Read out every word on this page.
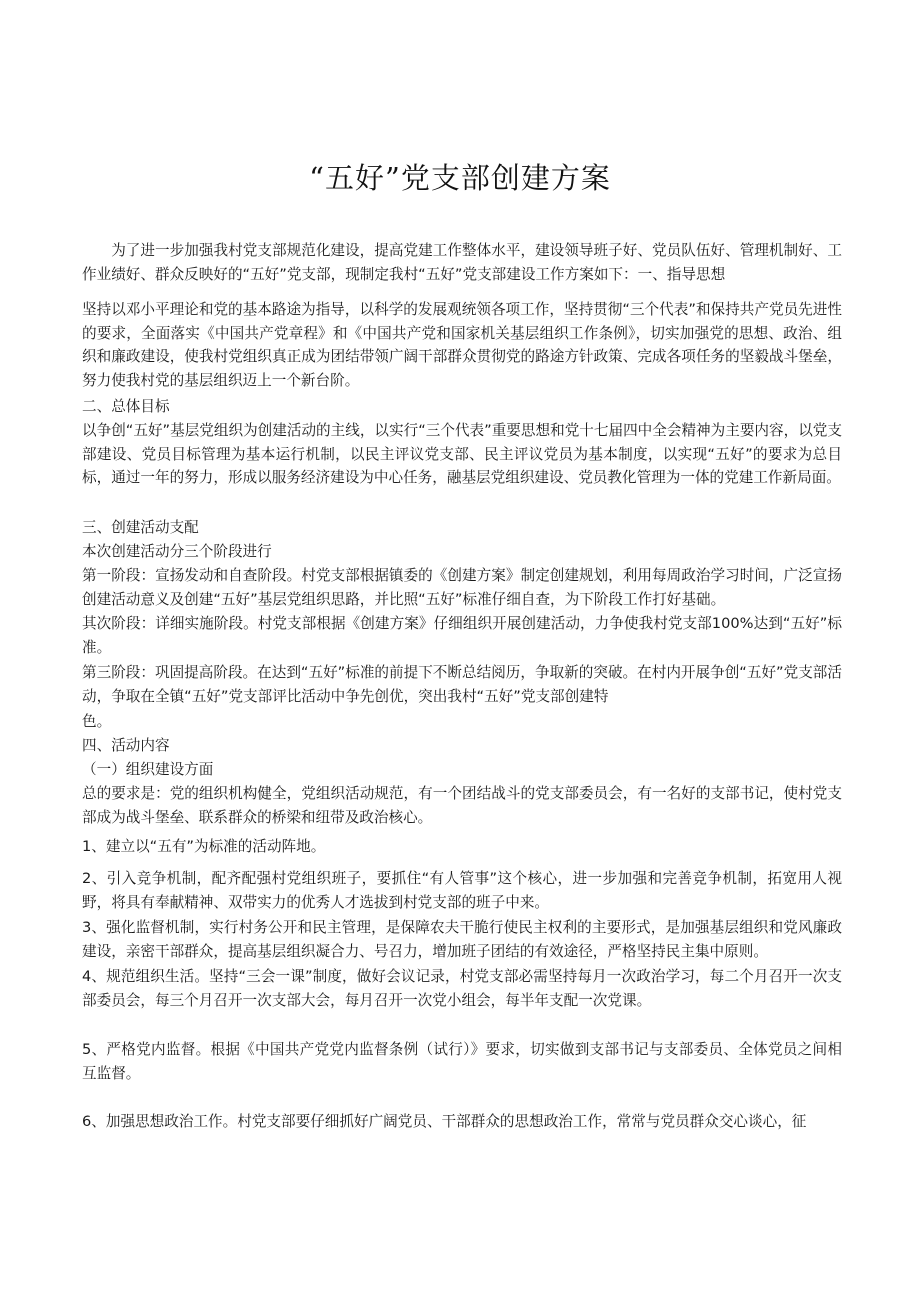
“五好”党支部创建方案

为了进一步加强我村党支部规范化建设，提高党建工作整体水平，建设领导班子好、党员队伍好、管理机制好、工作业绩好、群众反映好的“五好”党支部，现制定我村“五好”党支部建设工作方案如下：一、指导思想

坚持以邓小平理论和党的基本路途为指导，以科学的发展观统领各项工作，坚持贯彻“三个代表”和保持共产党员先进性的要求，全面落实《中国共产党章程》和《中国共产党和国家机关基层组织工作条例》，切实加强党的思想、政治、组织和廉政建设，使我村党组织真正成为团结带领广阔干部群众贯彻党的路途方针政策、完成各项任务的坚毅战斗堡垒，努力使我村党的基层组织迈上一个新台阶。

二、总体目标

以争创“五好”基层党组织为创建活动的主线，以实行“三个代表”重要思想和党十七届四中全会精神为主要内容，以党支部建设、党员目标管理为基本运行机制，以民主评议党支部、民主评议党员为基本制度，以实现“五好”的要求为总目标，通过一年的努力，形成以服务经济建设为中心任务，融基层党组织建设、党员教化管理为一体的党建工作新局面。

三、创建活动支配

本次创建活动分三个阶段进行

第一阶段：宣扬发动和自查阶段。村党支部根据镇委的《创建方案》制定创建规划，利用每周政治学习时间，广泛宣扬创建活动意义及创建“五好”基层党组织思路，并比照“五好”标准仔细自查，为下阶段工作打好基础。

其次阶段：详细实施阶段。村党支部根据《创建方案》仔细组织开展创建活动，力争使我村党支部100%达到“五好”标准。

第三阶段：巩固提高阶段。在达到“五好”标准的前提下不断总结阅历，争取新的突破。在村内开展争创“五好”党支部活动，争取在全镇“五好”党支部评比活动中争先创优，突出我村“五好”党支部创建特

色。

四、活动内容

（一）组织建设方面

总的要求是：党的组织机构健全，党组织活动规范，有一个团结战斗的党支部委员会，有一名好的支部书记，使村党支部成为战斗堡垒、联系群众的桥梁和纽带及政治核心。

1、建立以“五有”为标准的活动阵地。

2、引入竞争机制，配齐配强村党组织班子，要抓住“有人管事”这个核心，进一步加强和完善竞争机制，拓宽用人视野，将具有奉献精神、双带实力的优秀人才选拔到村党支部的班子中来。

3、强化监督机制，实行村务公开和民主管理，是保障农夫干脆行使民主权利的主要形式，是加强基层组织和党风廉政建设，亲密干部群众，提高基层组织凝合力、号召力，增加班子团结的有效途径，严格坚持民主集中原则。

4、规范组织生活。坚持“三会一课”制度，做好会议记录，村党支部必需坚持每月一次政治学习，每二个月召开一次支部委员会，每三个月召开一次支部大会，每月召开一次党小组会，每半年支配一次党课。

5、严格党内监督。根据《中国共产党党内监督条例（试行）》要求，切实做到支部书记与支部委员、全体党员之间相互监督。

6、加强思想政治工作。村党支部要仔细抓好广阔党员、干部群众的思想政治工作，常常与党员群众交心谈心，征
